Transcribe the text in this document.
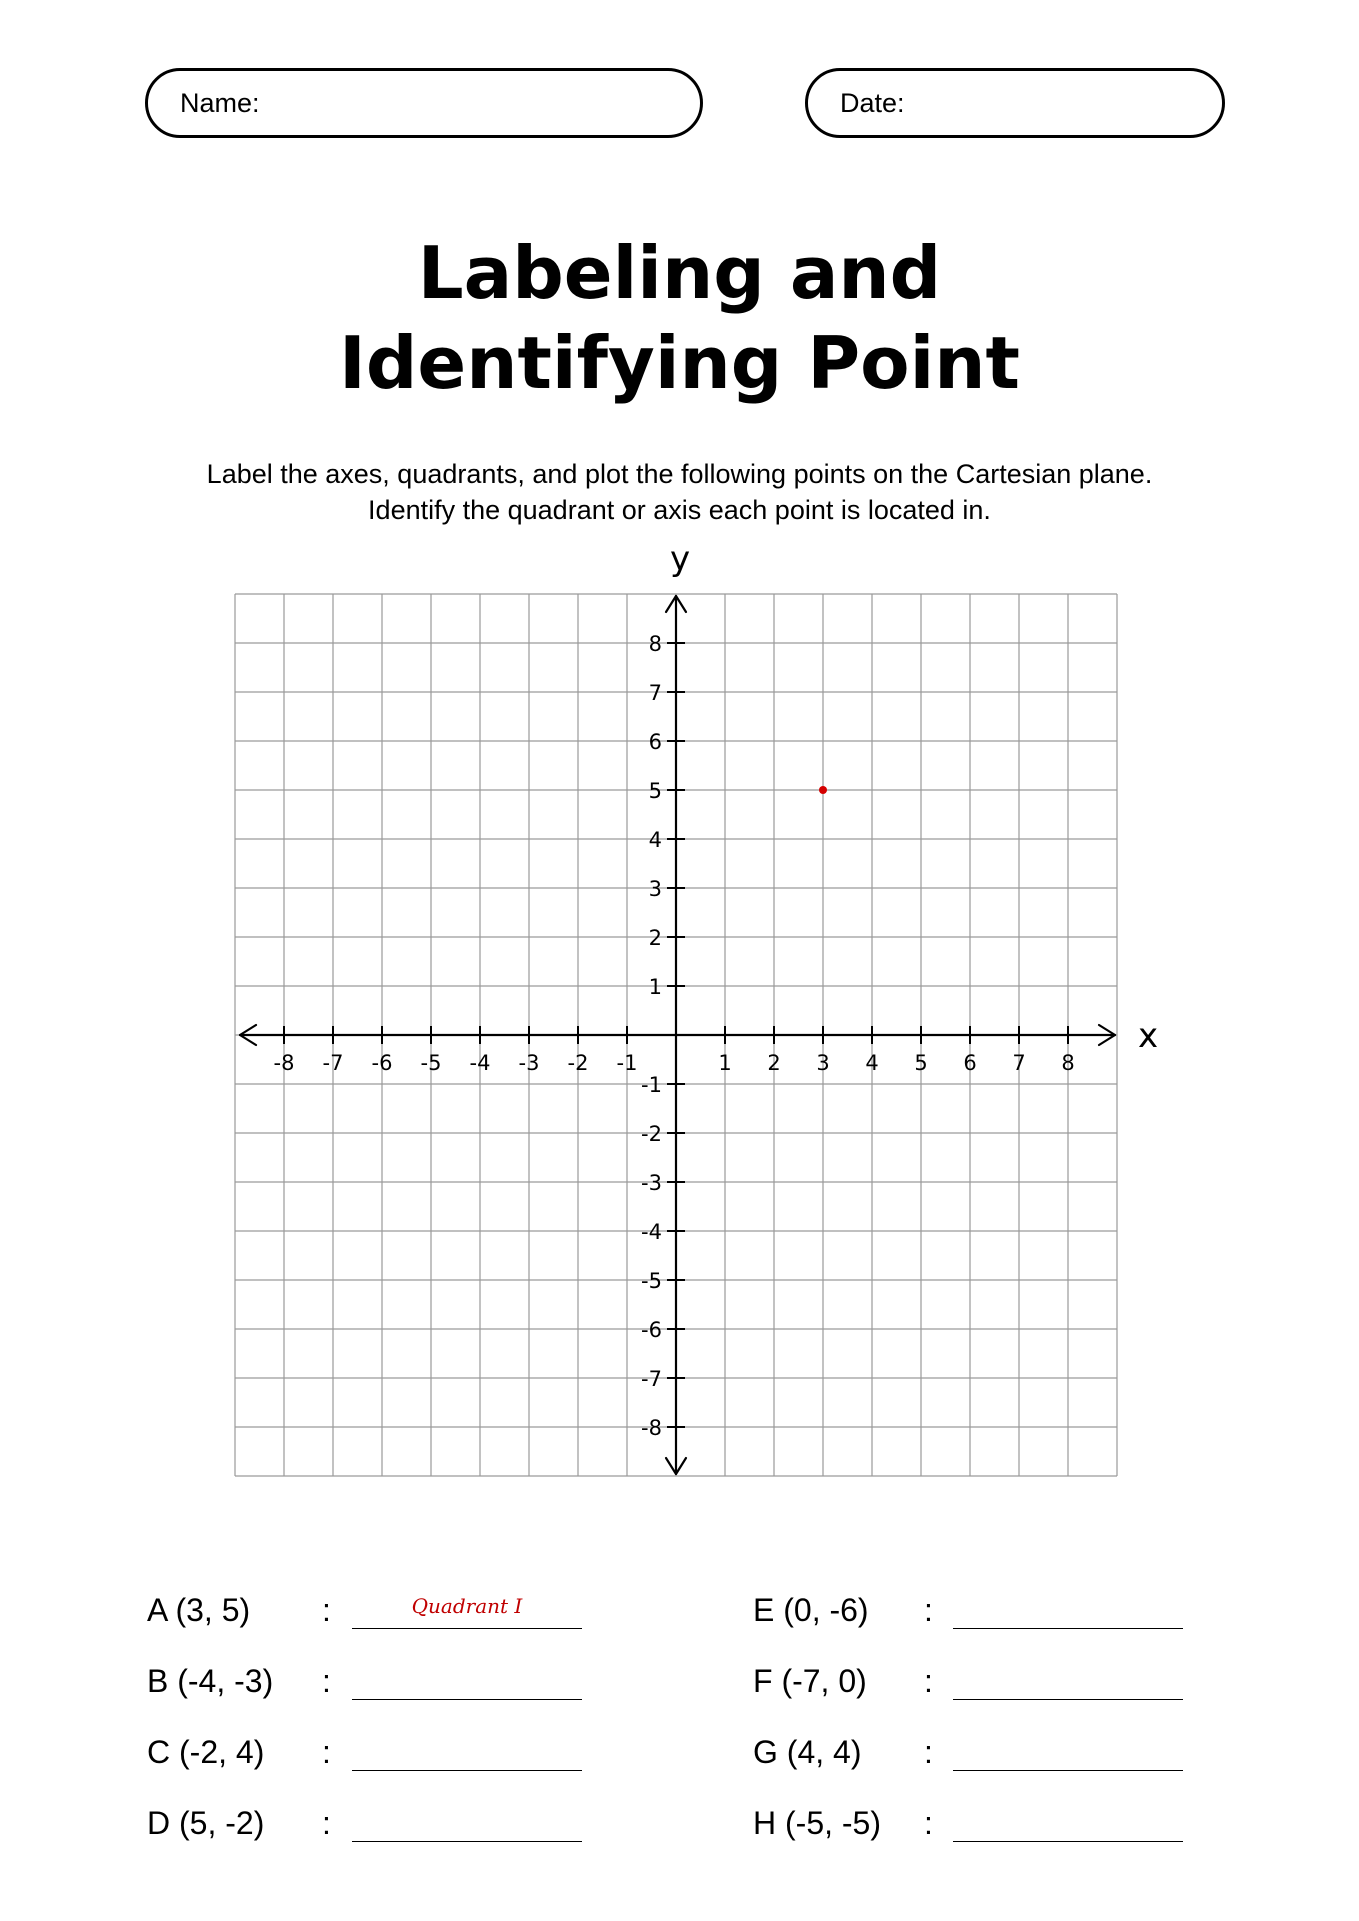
Name:	Date:
Labeling and
Identifying Point
Label the axes, quadrants, and plot the following points on the Cartesian plane.
Identify the quadrant or axis each point is located in.
-8 -7 -6 -5 -4 -3 -2 -1	1 2 3 4 5 6 7 8
8
7
6
5
4
3
2
1
-1
-2
-3
-4
-5
-6
-7
-8
x
y
A (3, 5) :	Quadrant I
B (-4, -3) :
C (-2, 4) :
D (5, -2) :
E (0, -6) :
F (-7, 0) :
G (4, 4) :
H (-5, -5) :
